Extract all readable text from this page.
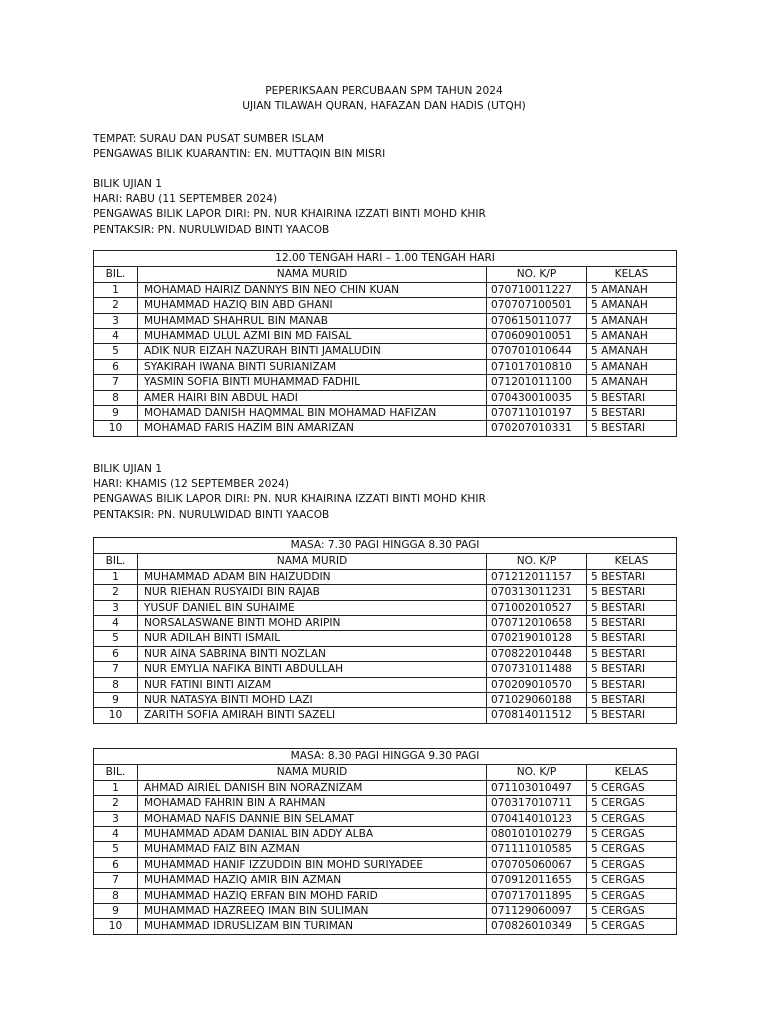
PEPERIKSAAN PERCUBAAN SPM TAHUN 2024
UJIAN TILAWAH QURAN, HAFAZAN DAN HADIS (UTQH)
TEMPAT: SURAU DAN PUSAT SUMBER ISLAM
PENGAWAS BILIK KUARANTIN: EN. MUTTAQIN BIN MISRI
BILIK UJIAN 1
HARI: RABU (11 SEPTEMBER 2024)
PENGAWAS BILIK LAPOR DIRI: PN. NUR KHAIRINA IZZATI BINTI MOHD KHIR
PENTAKSIR: PN. NURULWIDAD BINTI YAACOB
12.00 TENGAH HARI – 1.00 TENGAH HARI			
BIL.	NAMA MURID	NO. K/P	KELAS
1	MOHAMAD HAIRIZ DANNYS BIN NEO CHIN KUAN	070710011227	5 AMANAH
2	MUHAMMAD HAZIQ BIN ABD GHANI	070707100501	5 AMANAH
3	MUHAMMAD SHAHRUL BIN MANAB	070615011077	5 AMANAH
4	MUHAMMAD ULUL AZMI BIN MD FAISAL	070609010051	5 AMANAH
5	ADIK NUR EIZAH NAZURAH BINTI JAMALUDIN	070701010644	5 AMANAH
6	SYAKIRAH IWANA BINTI SURIANIZAM	071017010810	5 AMANAH
7	YASMIN SOFIA BINTI MUHAMMAD FADHIL	071201011100	5 AMANAH
8	AMER HAIRI BIN ABDUL HADI	070430010035	5 BESTARI
9	MOHAMAD DANISH HAQMMAL BIN MOHAMAD HAFIZAN	070711010197	5 BESTARI
10	MOHAMAD FARIS HAZIM BIN AMARIZAN	070207010331	5 BESTARI
BILIK UJIAN 1
HARI: KHAMIS (12 SEPTEMBER 2024)
PENGAWAS BILIK LAPOR DIRI: PN. NUR KHAIRINA IZZATI BINTI MOHD KHIR
PENTAKSIR: PN. NURULWIDAD BINTI YAACOB
MASA: 7.30 PAGI HINGGA 8.30 PAGI			
BIL.	NAMA MURID	NO. K/P	KELAS
1	MUHAMMAD ADAM BIN HAIZUDDIN	071212011157	5 BESTARI
2	NUR RIEHAN RUSYAIDI BIN RAJAB	070313011231	5 BESTARI
3	YUSUF DANIEL BIN SUHAIME	071002010527	5 BESTARI
4	NORSALASWANE BINTI MOHD ARIPIN	070712010658	5 BESTARI
5	NUR ADILAH BINTI ISMAIL	070219010128	5 BESTARI
6	NUR AINA SABRINA BINTI NOZLAN	070822010448	5 BESTARI
7	NUR EMYLIA NAFIKA BINTI ABDULLAH	070731011488	5 BESTARI
8	NUR FATINI BINTI AIZAM	070209010570	5 BESTARI
9	NUR NATASYA BINTI MOHD LAZI	071029060188	5 BESTARI
10	ZARITH SOFIA AMIRAH BINTI SAZELI	070814011512	5 BESTARI
MASA: 8.30 PAGI HINGGA 9.30 PAGI			
BIL.	NAMA MURID	NO. K/P	KELAS
1	AHMAD AIRIEL DANISH BIN NORAZNIZAM	071103010497	5 CERGAS
2	MOHAMAD FAHRIN BIN A RAHMAN	070317010711	5 CERGAS
3	MOHAMAD NAFIS DANNIE BIN SELAMAT	070414010123	5 CERGAS
4	MUHAMMAD ADAM DANIAL BIN ADDY ALBA	080101010279	5 CERGAS
5	MUHAMMAD FAIZ BIN AZMAN	071111010585	5 CERGAS
6	MUHAMMAD HANIF IZZUDDIN BIN MOHD SURIYADEE	070705060067	5 CERGAS
7	MUHAMMAD HAZIQ AMIR BIN AZMAN	070912011655	5 CERGAS
8	MUHAMMAD HAZIQ ERFAN BIN MOHD FARID	070717011895	5 CERGAS
9	MUHAMMAD HAZREEQ IMAN BIN SULIMAN	071129060097	5 CERGAS
10	MUHAMMAD IDRUSLIZAM BIN TURIMAN	070826010349	5 CERGAS
